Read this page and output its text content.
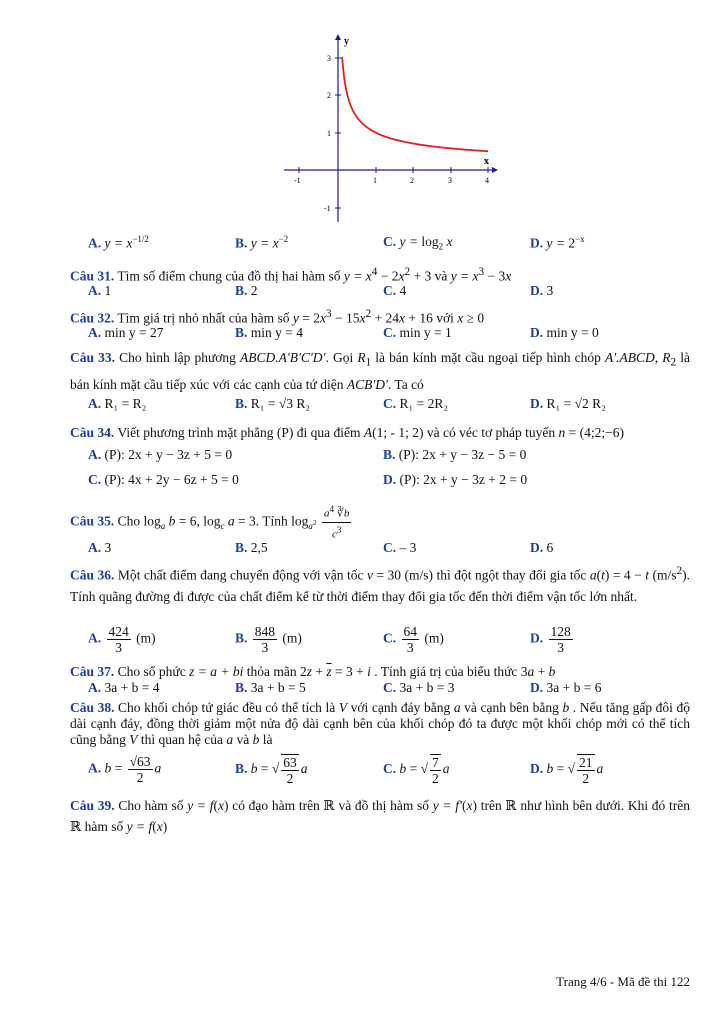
y
x
-1	1	2	3	4
3
2
1
-1
A. $y = x^{-1/2}$	B. $y = x^{-2}$	C. $y = \log_2 x$	D. $y = 2^{-x}$
Câu 31. Tìm số điểm chung của đồ thị hai hàm số $y = x^4 - 2x^2 + 3$ và $y = x^3 - 3x$
A. 1	B. 2	C. 4	D. 3
Câu 32. Tìm giá trị nhỏ nhất của hàm số $y = 2x^3 - 15x^2 + 24x + 16$ với x ≥ 0
A. min y = 27	B. min y = 4	C. min y = 1	D. min y = 0
Câu 33. Cho hình lập phương ABCD.A'B'C'D'. Gọi $R_1$ là bán kính mặt cầu ngoại tiếp hình chóp A'.ABCD, $R_2$ là bán kính mặt cầu tiếp xúc với các cạnh của tứ diện ACB'D'. Ta có
A. R₁ = R₂	B. R₁ = √3 R₂	C. R₁ = 2R₂	D. R₁ = √2 R₂
Câu 34. Viết phương trình mặt phẳng (P) đi qua điểm A(1; - 1; 2) và có véc tơ pháp tuyến n = (4;2;−6)
A. (P): 2x + y − 3z + 5 = 0	B. (P): 2x + y − 3z − 5 = 0
C. (P): 4x + 2y − 6z + 5 = 0	D. (P): 2x + y − 3z + 2 = 0
Câu 35. Cho $\log_a b = 6$, $\log_c a = 3$. Tính $\log_{a^2} \frac{a^4 ∛b}{c^3}$
A. 3	B. 2,5	C. – 3	D. 6
Câu 36. Một chất điểm đang chuyển động với vận tốc v = 30 (m/s) thì đột ngột thay đổi gia tốc a(t) = 4 − t $(m/s^2)$. Tính quãng đường đi được của chất điểm kể từ thời điểm thay đổi gia tốc đến thời điểm vận tốc lớn nhất.
A. $\frac{424}{3} (m)$	B. $\frac{848}{3} (m)$	C. $\frac{64}{3} (m)$	D. $\frac{128}{3}$
Câu 37. Cho số phức z = a + bi thỏa mãn $2z + \overline{z} = 3 + i$ . Tính giá trị của biểu thức 3a + b
A. 3a + b = 4	B. 3a + b = 5	C. 3a + b = 3	D. 3a + b = 6
Câu 38. Cho khối chóp tứ giác đều có thể tích là V với cạnh đáy bằng a và cạnh bên bằng b . Nếu tăng gấp đôi độ dài cạnh đáy, đồng thời giảm một nửa độ dài cạnh bên của khối chóp đó ta được một khối chóp mới có thể tích cũng bằng V thì quan hệ của a và b là
A. $b = \frac{√63}{2}$ a	B. b = √ $\frac{63}{2}$ a	C. b = √ $\frac{7}{2}$ a	D. b = √ $\frac{21}{2}$ a
Câu 39. Cho hàm số y = f(x) có đạo hàm trên ℝ và đồ thị hàm số y = f′(x) trên ℝ như hình bên dưới. Khi đó trên ℝ hàm số y = f(x)
Trang 4/6 - Mã đề thi 122
